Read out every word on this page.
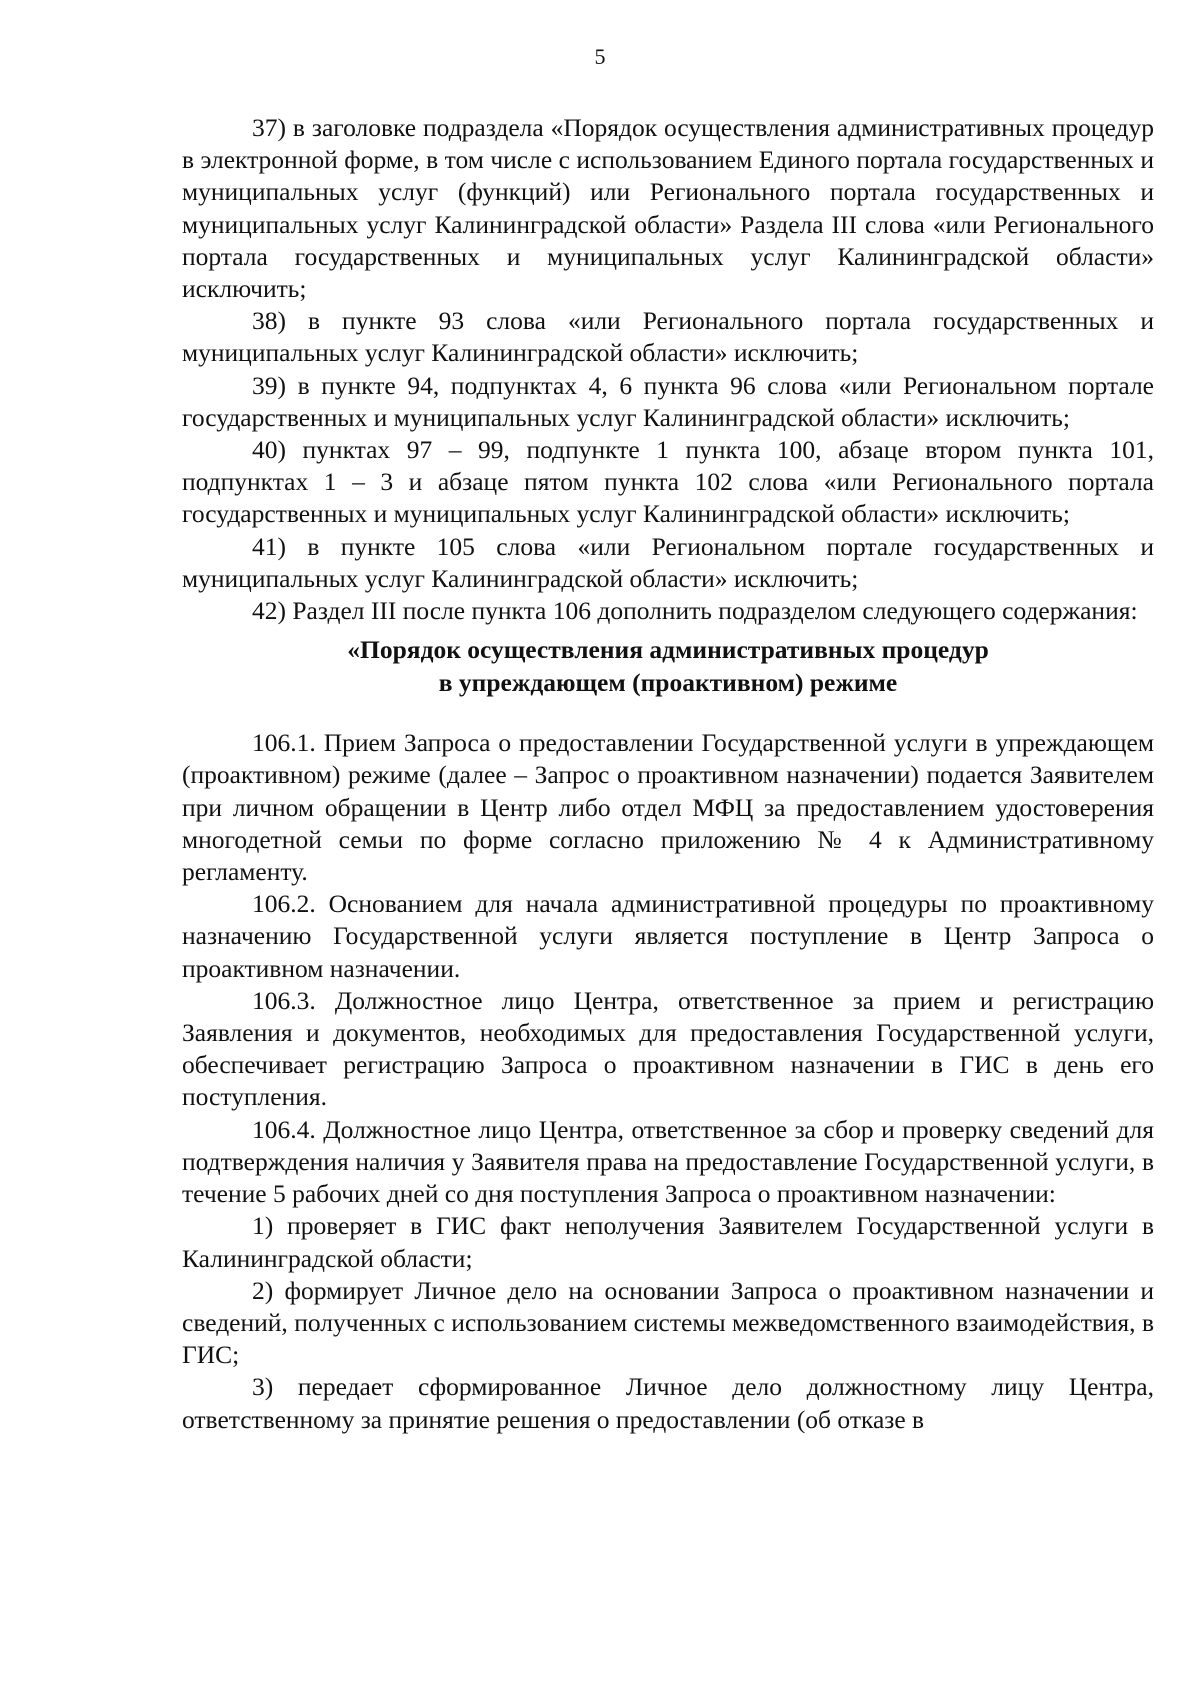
5

37) в заголовке подраздела «Порядок осуществления административных процедур в электронной форме, в том числе с использованием Единого портала государственных и муниципальных услуг (функций) или Регионального портала государственных и муниципальных услуг Калининградской области» Раздела III слова «или Регионального портала государственных и муниципальных услуг Калининградской области» исключить;

38) в пункте 93 слова «или Регионального портала государственных и муниципальных услуг Калининградской области» исключить;

39) в пункте 94, подпунктах 4, 6 пункта 96 слова «или Региональном портале государственных и муниципальных услуг Калининградской области» исключить;

40) пунктах 97 – 99, подпункте 1 пункта 100, абзаце втором пункта 101, подпунктах 1 – 3 и абзаце пятом пункта 102 слова «или Регионального портала государственных и муниципальных услуг Калининградской области» исключить;

41) в пункте 105 слова «или Региональном портале государственных и муниципальных услуг Калининградской области» исключить;

42) Раздел III после пункта 106 дополнить подразделом следующего содержания:

«Порядок осуществления административных процедур
в упреждающем (проактивном) режиме

106.1. Прием Запроса о предоставлении Государственной услуги в упреждающем (проактивном) режиме (далее – Запрос о проактивном назначении) подается Заявителем при личном обращении в Центр либо отдел МФЦ за предоставлением удостоверения многодетной семьи по форме согласно приложению № 4 к Административному регламенту.

106.2. Основанием для начала административной процедуры по проактивному назначению Государственной услуги является поступление в Центр Запроса о проактивном назначении.

106.3. Должностное лицо Центра, ответственное за прием и регистрацию Заявления и документов, необходимых для предоставления Государственной услуги, обеспечивает регистрацию Запроса о проактивном назначении в ГИС в день его поступления.

106.4. Должностное лицо Центра, ответственное за сбор и проверку сведений для подтверждения наличия у Заявителя права на предоставление Государственной услуги, в течение 5 рабочих дней со дня поступления Запроса о проактивном назначении:

1) проверяет в ГИС факт неполучения Заявителем Государственной услуги в Калининградской области;

2) формирует Личное дело на основании Запроса о проактивном назначении и сведений, полученных с использованием системы межведомственного взаимодействия, в ГИС;

3) передает сформированное Личное дело должностному лицу Центра, ответственному за принятие решения о предоставлении (об отказе в
